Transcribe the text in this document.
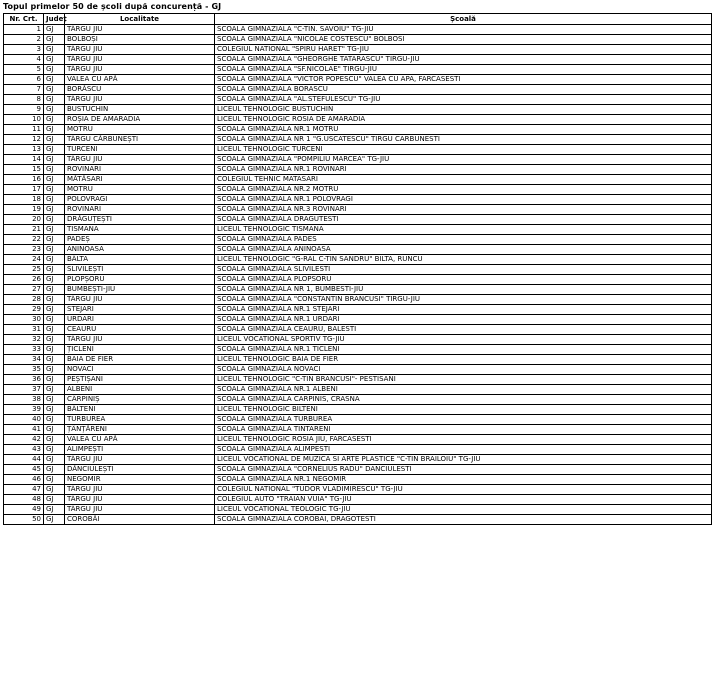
Topul primelor 50 de școli după concurență - GJ
Nr. Crt.	Județ	Localitate	Școală
1	GJ	TÂRGU JIU	SCOALA GIMNAZIALA "C-TIN. SAVOIU" TG-JIU
2	GJ	BOLBOȘI	SCOALA GIMNAZIALA "NICOLAE COSTESCU" BOLBOSI
3	GJ	TÂRGU JIU	COLEGIUL NATIONAL "SPIRU HARET" TG-JIU
4	GJ	TÂRGU JIU	SCOALA GIMNAZIALA "GHEORGHE TATARASCU" TIRGU-JIU
5	GJ	TÂRGU JIU	SCOALA GIMNAZIALA "SF.NICOLAE" TIRGU-JIU
6	GJ	VALEA CU APĂ	SCOALA GIMNAZIALA "VICTOR POPESCU" VALEA CU APA, FARCASESTI
7	GJ	BORĂSCU	SCOALA GIMNAZIALA BORASCU
8	GJ	TÂRGU JIU	SCOALA GIMNAZIALA "AL.STEFULESCU" TG-JIU
9	GJ	BUSTUCHIN	LICEUL TEHNOLOGIC BUSTUCHIN
10	GJ	ROȘIA DE AMARADIA	LICEUL TEHNOLOGIC ROSIA DE AMARADIA
11	GJ	MOTRU	SCOALA GIMNAZIALA NR.1 MOTRU
12	GJ	TÂRGU CĂRBUNEȘTI	SCOALA GIMNAZIALA NR 1 "G.USCATESCU" TIRGU CARBUNESTI
13	GJ	TURCENI	LICEUL TEHNOLOGIC TURCENI
14	GJ	TÂRGU JIU	SCOALA GIMNAZIALA "POMPILIU MARCEA" TG-JIU
15	GJ	ROVINARI	SCOALA GIMNAZIALA NR.1 ROVINARI
16	GJ	MĂTĂSARI	COLEGIUL TEHNIC MATASARI
17	GJ	MOTRU	SCOALA GIMNAZIALA NR.2 MOTRU
18	GJ	POLOVRAGI	SCOALA GIMNAZIALA NR.1 POLOVRAGI
19	GJ	ROVINARI	SCOALA GIMNAZIALA NR.3 ROVINARI
20	GJ	DRĂGUȚEȘTI	SCOALA GIMNAZIALA DRAGUTESTI
21	GJ	TISMANA	LICEUL TEHNOLOGIC TISMANA
22	GJ	PADEȘ	SCOALA GIMNAZIALA PADES
23	GJ	ANINOASA	SCOALA GIMNAZIALA ANINOASA
24	GJ	BÂLTA	LICEUL TEHNOLOGIC "G-RAL C-TIN SANDRU" BILTA, RUNCU
25	GJ	SLIVILEȘTI	SCOALA GIMNAZIALA SLIVILESTI
26	GJ	PLOPȘORU	SCOALA GIMNAZIALA PLOPSORU
27	GJ	BUMBEȘTI-JIU	SCOALA GIMNAZIALA NR 1, BUMBESTI-JIU
28	GJ	TÂRGU JIU	SCOALA GIMNAZIALA "CONSTANTIN BRANCUSI" TIRGU-JIU
29	GJ	STEJARI	SCOALA GIMNAZIALA NR.1 STEJARI
30	GJ	URDARI	SCOALA GIMNAZIALA NR.1 URDARI
31	GJ	CEAURU	SCOALA GIMNAZIALA CEAURU, BALESTI
32	GJ	TÂRGU JIU	LICEUL VOCATIONAL SPORTIV TG-JIU
33	GJ	ȚICLENI	SCOALA GIMNAZIALA NR.1 TICLENI
34	GJ	BAIA DE FIER	LICEUL TEHNOLOGIC BAIA DE FIER
35	GJ	NOVACI	SCOALA GIMNAZIALA NOVACI
36	GJ	PEȘTIȘANI	LICEUL TEHNOLOGIC "C-TIN BRANCUSI"- PESTISANI
37	GJ	ALBENI	SCOALA GIMNAZIALA NR.1 ALBENI
38	GJ	CÂRPINIȘ	SCOALA GIMNAZIALA CARPINIS, CRASNA
39	GJ	BÂLTENI	LICEUL TEHNOLOGIC BILTENI
40	GJ	TURBUREA	SCOALA GIMNAZIALA TURBUREA
41	GJ	ȚÂNȚĂRENI	SCOALA GIMNAZIALA TINTARENI
42	GJ	VALEA CU APĂ	LICEUL TEHNOLOGIC ROSIA JIU, FARCASESTI
43	GJ	ALIMPEȘTI	SCOALA GIMNAZIALA ALIMPESTI
44	GJ	TÂRGU JIU	LICEUL VOCATIONAL DE MUZICA SI ARTE PLASTICE "C-TIN BRAILOIU" TG-JIU
45	GJ	DĂNCIULEȘTI	SCOALA GIMNAZIALA "CORNELIUS RADU" DANCIULESTI
46	GJ	NEGOMIR	SCOALA GIMNAZIALA NR.1 NEGOMIR
47	GJ	TÂRGU JIU	COLEGIUL NATIONAL "TUDOR VLADIMIRESCU" TG-JIU
48	GJ	TÂRGU JIU	COLEGIUL AUTO "TRAIAN VUIA" TG-JIU
49	GJ	TÂRGU JIU	LICEUL VOCATIONAL TEOLOGIC TG-JIU
50	GJ	COROBĂI	SCOALA GIMNAZIALA COROBAI, DRAGOTESTI
